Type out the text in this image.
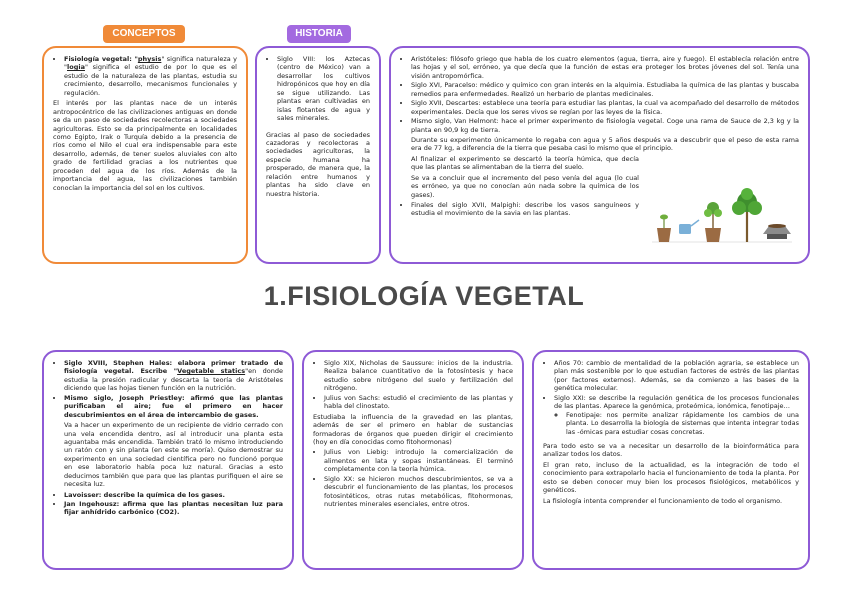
CONCEPTOS	HISTORIA
• Fisiología vegetal: "physis" significa naturaleza y "logia" significa el estudio de por lo que es el estudio de la naturaleza de las plantas, estudia su crecimiento, desarrollo, mecanismos funcionales y regulación.

El interés por las plantas nace de un interés antropocéntrico de las civilizaciones antiguas en donde se da un paso de sociedades recolectoras a sociedades agricultoras. Esto se da principalmente en localidades como Egipto, Irak o Turquía debido a la presencia de ríos como el Nilo el cual era indispensable para este desarrollo, además, de tener suelos aluviales con alto grado de fertilidad gracias a los nutrientes que proceden del agua de los ríos. Además de la importancia del agua, las civilizaciones también conocían la importancia del sol en los cultivos.

• Siglo VIII: los Aztecas (centro de México) van a desarrollar los cultivos hidropónicos que hoy en día se sigue utilizando. Las plantas eran cultivadas en islas flotantes de agua y sales minerales.

Gracias al paso de sociedades cazadoras y recolectoras a sociedades agricultoras, la especie humana ha prosperado, de manera que, la relación entre humanos y plantas ha sido clave en nuestra historia.

• Aristóteles: filósofo griego que habla de los cuatro elementos (agua, tierra, aire y fuego). El establecía relación entre las hojas y el sol, erróneo, ya que decía que la función de estas era proteger los brotes jóvenes del sol. Tenía una visión antropomórfica.
• Siglo XVI, Paracelso: médico y químico con gran interés en la alquimia. Estudiaba la química de las plantas y buscaba remedios para enfermedades. Realizó un herbario de plantas medicinales.
• Siglo XVII, Descartes: establece una teoría para estudiar las plantas, la cual va acompañado del desarrollo de métodos experimentales. Decía que los seres vivos se regían por las leyes de la física.
• Mismo siglo, Van Helmont: hace el primer experimento de fisiología vegetal. Coge una rama de Sauce de 2,3 kg y la planta en 90,9 kg de tierra.

Durante su experimento únicamente lo regaba con agua y 5 años después va a descubrir que el peso de esta rama era de 77 kg, a diferencia de la tierra que pesaba casi lo mismo que el principio.

Al finalizar el experimento se descartó la teoría húmica, que decía que las plantas se alimentaban de la tierra del suelo.

Se va a concluir que el incremento del peso venía del agua (lo cual es erróneo, ya que no conocían aún nada sobre la química de los gases).

• Finales del siglo XVII, Malpighi: describe los vasos sanguíneos y estudia el movimiento de la savia en las plantas.
1.FISIOLOGÍA VEGETAL
• Siglo XVIII, Stephen Hales: elabora primer tratado de fisiología vegetal. Escribe "Vegetable statics"en donde estudia la presión radicular y descarta la teoría de Aristóteles diciendo que las hojas tienen función en la nutrición.
• Mismo siglo, Joseph Priestley: afirmó que las plantas purificaban el aire; fue el primero en hacer descubrimientos en el área de intercambio de gases.

Va a hacer un experimento de un recipiente de vidrio cerrado con una vela encendida dentro, así al introducir una planta esta aguantaba más encendida. También trató lo mismo introduciendo un ratón con y sin planta (en este se moría). Quiso demostrar su experimento en una sociedad científica pero no funcionó porque en ese laboratorio había poca luz natural. Gracias a esto deducimos también que para que las plantas purifiquen el aire se necesita luz.

• Lavoisser: describe la química de los gases.
• Jan Ingehousz: afirma que las plantas necesitan luz para fijar anhídrido carbónico (CO2).
• Siglo XIX, Nicholas de Saussure: inicios de la industria. Realiza balance cuantitativo de la fotosíntesis y hace estudio sobre nitrógeno del suelo y fertilización del nitrógeno.
• Julius von Sachs: estudió el crecimiento de las plantas y habla del clinostato.

Estudiaba la influencia de la gravedad en las plantas, además de ser el primero en hablar de sustancias formadoras de órganos que pueden dirigir el crecimiento (hoy en día conocidas como fitohormonas)

• Julius von Liebig: introdujo la comercialización de alimentos en lata y sopas instantáneas. El terminó completamente con la teoría húmica.
• Siglo XX: se hicieron muchos descubrimientos, se va a descubrir el funcionamiento de las plantas, los procesos fotosintéticos, otras rutas metabólicas, fitohormonas, nutrientes minerales esenciales, entre otros.
• Años 70: cambio de mentalidad de la población agraria, se establece un plan más sostenible por lo que estudian factores de estrés de las plantas (por factores externos). Además, se da comienzo a las bases de la genética molecular.
• Siglo XXI: se describe la regulación genética de los procesos funcionales de las plantas. Aparece la genómica, proteómica, ionómica, fenotipaje…
◦ Fenotipaje: nos permite analizar rápidamente los cambios de una planta. Lo desarrolla la biología de sistemas que intenta integrar todas las -ómicas para estudiar cosas concretas.

Para todo esto se va a necesitar un desarrollo de la bioinformática para analizar todos los datos.

El gran reto, incluso de la actualidad, es la integración de todo el conocimiento para extrapolarlo hacia el funcionamiento de toda la planta. Por esto se deben conocer muy bien los procesos fisiológicos, metabólicos y genéticos.

La fisiología intenta comprender el funcionamiento de todo el organismo.
